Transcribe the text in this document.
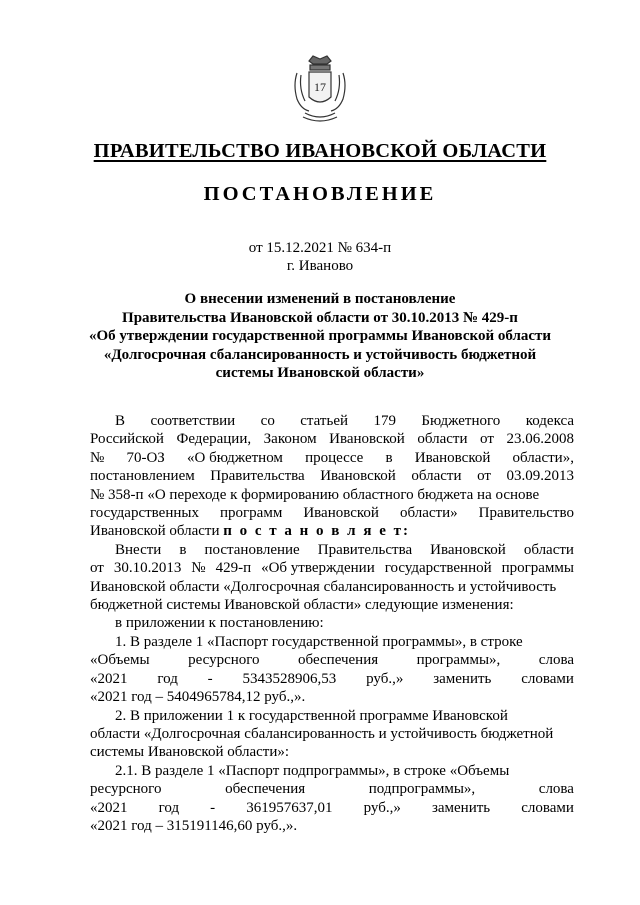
17
ПРАВИТЕЛЬСТВО ИВАНОВСКОЙ ОБЛАСТИ
ПОСТАНОВЛЕНИЕ
от 15.12.2021 № 634-п
г. Иваново
О внесении изменений в постановление
Правительства Ивановской области от 30.10.2013 № 429-п
«Об утверждении государственной программы Ивановской области
«Долгосрочная сбалансированность и устойчивость бюджетной
системы Ивановской области»
В соответствии со статьей 179 Бюджетного кодекса
Российской Федерации, Законом Ивановской области от 23.06.2008
№ 70-ОЗ «О бюджетном процессе в Ивановской области»,
постановлением Правительства Ивановской области от 03.09.2013
№ 358-п «О переходе к формированию областного бюджета на основе
государственных программ Ивановской области» Правительство
Ивановской области п о с т а н о в л я е т:
Внести в постановление Правительства Ивановской области
от 30.10.2013 № 429-п «Об утверждении государственной программы
Ивановской области «Долгосрочная сбалансированность и устойчивость
бюджетной системы Ивановской области» следующие изменения:
в приложении к постановлению:
1. В разделе 1 «Паспорт государственной программы», в строке
«Объемы	ресурсного	обеспечения	программы»,	слова
«2021 год - 5343528906,53 руб.,» заменить словами
«2021 год – 5404965784,12 руб.,».
2. В приложении 1 к государственной программе Ивановской
области «Долгосрочная сбалансированность и устойчивость бюджетной
системы Ивановской области»:
2.1. В разделе 1 «Паспорт подпрограммы», в строке «Объемы
ресурсного	обеспечения	подпрограммы»,	слова
«2021 год - 361957637,01 руб.,» заменить словами
«2021 год – 315191146,60 руб.,».
